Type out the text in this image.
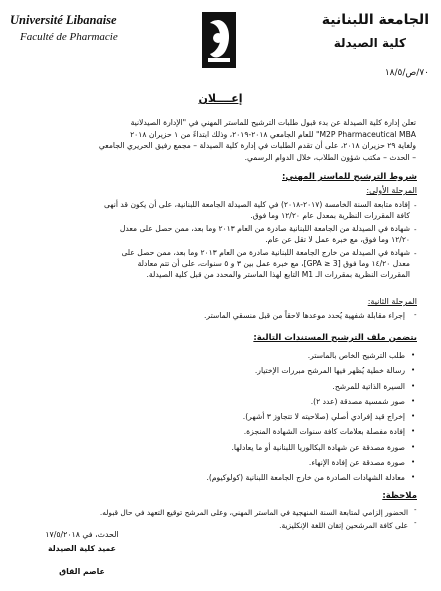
Université Libanaise
Faculté de Pharmacie
الجامعة اللبنانية
كلية الصيدلة
٧٠/ص/١٨/٥
إعــــلان
تعلن إدارة كلية الصيدلة عن بدء قبول طلبات الترشيح للماستر المهني في "الإدارة الصيدلانية
M2P Pharmaceutical MBA" للعام الجامعي ٢٠١٨-٢٠١٩، وذلك ابتداءً من ١ حزيران ٢٠١٨
ولغاية ٢٩ حزيران ٢٠١٨، على أن تقدم الطلبات في إدارة كلية الصيدلة – مجمع رفيق الحريري الجامعي
– الحدث – مكتب شؤون الطلاب، خلال الدوام الرسمي.
شروط الترشيح للماستر المهني:
المرحلة الأولى:
إفادة متابعة السنة الخامسة (٢٠١٧-٢٠١٨) في كلية الصيدلة الجامعة اللبنانية، على أن يكون قد أنهى
كافة المقررات النظرية بمعدل عام ١٢/٢٠ وما فوق.
شهادة في الصيدلة من الجامعة اللبنانية صادرة من العام ٢٠١٣ وما بعد، ممن حصل على معدل
١٢/٢٠ وما فوق، مع خبرة عمل لا تقل عن عام.
شهادة في الصيدلة من خارج الجامعة اللبنانية صادرة من العام ٢٠١٣ وما بعد، ممن حصل على
معدل ١٤/٢٠ وما فوق [GPA ≥ 3]، مع خبرة عمل بين ٣ و ٥ سنوات، على أن تتم معادلة
المقررات النظرية بمقررات الـ M1 التابع لهذا الماستر والمحدد من قبل كلية الصيدلة.
-
-
-
المرحلة الثانية:
إجراء مقابلة شفهية يُحدد موعدها لاحقاً من قبل منسقي الماستر. -
يتضمن ملف الترشيح المستندات التالية:
طلب الترشيح الخاص بالماستر.
رسالة خطية يُظهر فيها المرشح مبررات الإختيار.
السيرة الذاتية للمرشح.
صور شمسية مصدقة (عدد ٢).
إخراج قيد إفرادي أصلي (صلاحيته لا تتجاوز ٣ أشهر).
إفادة مفصلة بعلامات كافة سنوات الشهادة المنجزة.
صورة مصدقة عن شهادة البكالوريا اللبنانية أو ما يعادلها.
صورة مصدقة عن إفادة الإنهاء.
معادلة الشهادات الصادرة من خارج الجامعة اللبنانية (كولوكيوم).
•
•
•
•
•
•
•
•
•
ملاحظة:
الحضور إلزامي لمتابعة السنة المنهجية في الماستر المهني، وعلى المرشح توقيع التعهد في حال قبوله.
على كافة المرشحين إتقان اللغة الإنكليزية.
-
-
الحدث، في ١٧/٥/٢٠١٨
عميد كلية الصيدلة
عاصم القاق
